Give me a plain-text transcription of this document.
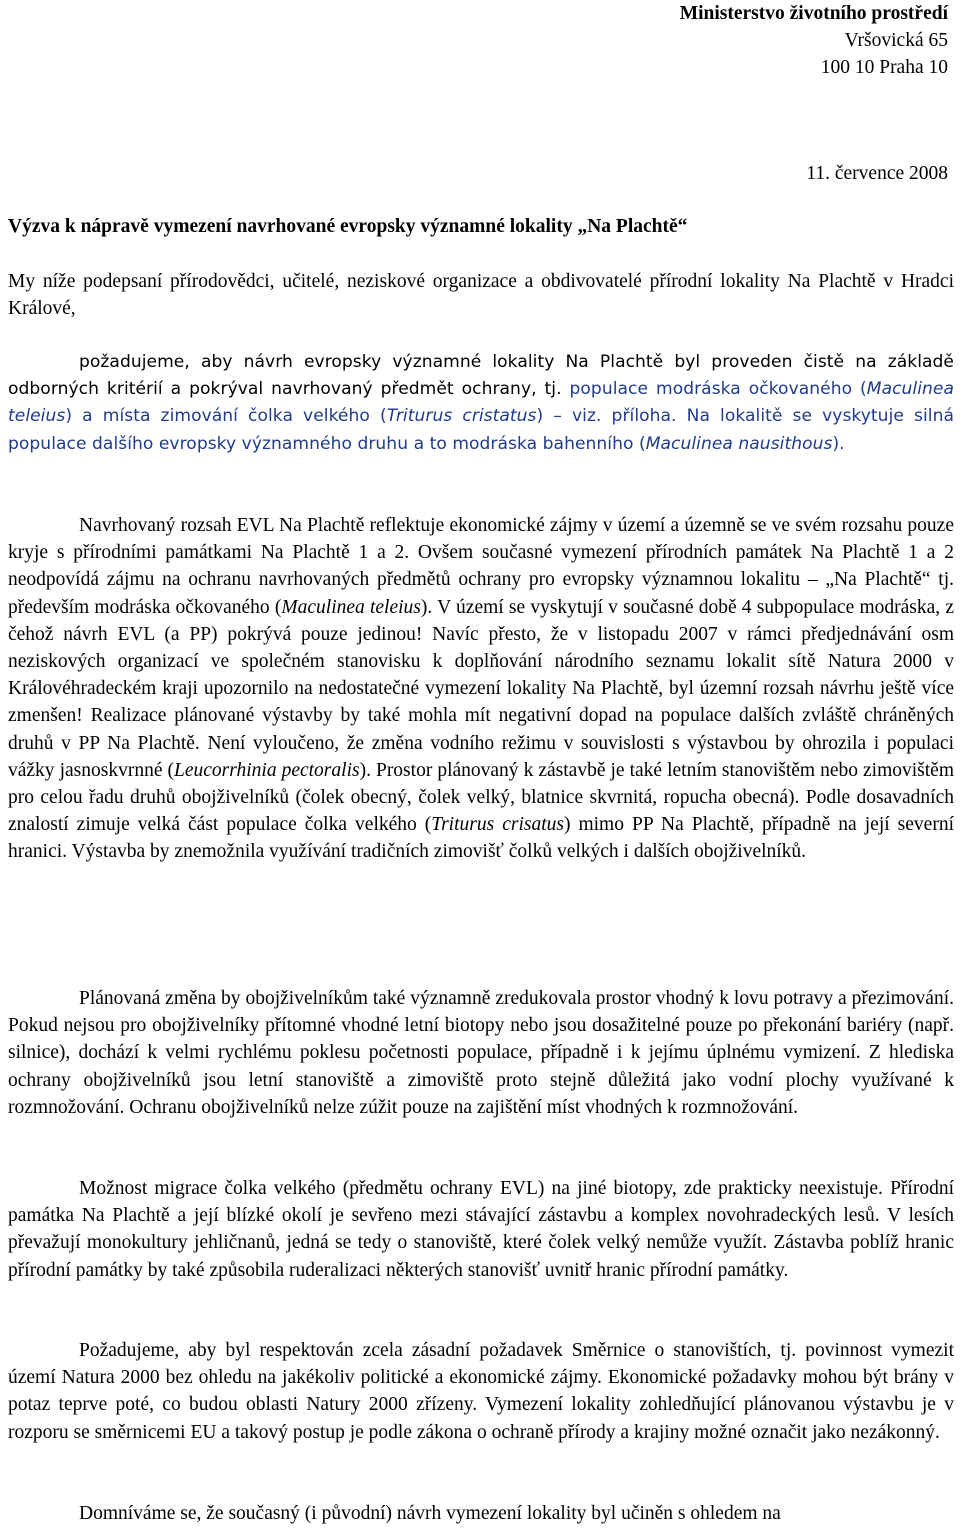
Ministerstvo životního prostředí
Vršovická 65
100 10 Praha 10
11. července 2008
Výzva k nápravě vymezení navrhované evropsky významné lokality „Na Plachtě“
My níže podepsaní přírodovědci, učitelé, neziskové organizace a obdivovatelé přírodní lokality Na Plachtě v Hradci Králové,
požadujeme, aby návrh evropsky významné lokality Na Plachtě byl proveden čistě na základě odborných kritérií a pokrýval navrhovaný předmět ochrany, tj. populace modráska očkovaného (Maculinea teleius) a místa zimování čolka velkého (Triturus cristatus) – viz. příloha. Na lokalitě se vyskytuje silná populace dalšího evropsky významného druhu a to modráska bahenního (Maculinea nausithous).
Navrhovaný rozsah EVL Na Plachtě reflektuje ekonomické zájmy v území a územně se ve svém rozsahu pouze kryje s přírodními památkami Na Plachtě 1 a 2. Ovšem současné vymezení přírodních památek Na Plachtě 1 a 2 neodpovídá zájmu na ochranu navrhovaných předmětů ochrany pro evropsky významnou lokalitu – „Na Plachtě“ tj. především modráska očkovaného (Maculinea teleius). V území se vyskytují v současné době 4 subpopulace modráska, z čehož návrh EVL (a PP) pokrývá pouze jedinou! Navíc přesto, že v listopadu 2007 v rámci předjednávání osm neziskových organizací ve společném stanovisku k doplňování národního seznamu lokalit sítě Natura 2000 v Královéhradeckém kraji upozornilo na nedostatečné vymezení lokality Na Plachtě, byl územní rozsah návrhu ještě více zmenšen! Realizace plánované výstavby by také mohla mít negativní dopad na populace dalších zvláště chráněných druhů v PP Na Plachtě. Není vyloučeno, že změna vodního režimu v souvislosti s výstavbou by ohrozila i populaci vážky jasnoskvrnné (Leucorrhinia pectoralis). Prostor plánovaný k zástavbě je také letním stanovištěm nebo zimovištěm pro celou řadu druhů obojživelníků (čolek obecný, čolek velký, blatnice skvrnitá, ropucha obecná). Podle dosavadních znalostí zimuje velká část populace čolka velkého (Triturus crisatus) mimo PP Na Plachtě, případně na její severní hranici. Výstavba by znemožnila využívání tradičních zimovišť čolků velkých i dalších obojživelníků.
Plánovaná změna by obojživelníkům také významně zredukovala prostor vhodný k lovu potravy a přezimování. Pokud nejsou pro obojživelníky přítomné vhodné letní biotopy nebo jsou dosažitelné pouze po překonání bariéry (např. silnice), dochází k velmi rychlému poklesu početnosti populace, případně i k jejímu úplnému vymizení. Z hlediska ochrany obojživelníků jsou letní stanoviště a zimoviště proto stejně důležitá jako vodní plochy využívané k rozmnožování. Ochranu obojživelníků nelze zúžit pouze na zajištění míst vhodných k rozmnožování.
Možnost migrace čolka velkého (předmětu ochrany EVL) na jiné biotopy, zde prakticky neexistuje. Přírodní památka Na Plachtě a její blízké okolí je sevřeno mezi stávající zástavbu a komplex novohradeckých lesů. V lesích převažují monokultury jehličnanů, jedná se tedy o stanoviště, které čolek velký nemůže využít. Zástavba poblíž hranic přírodní památky by také způsobila ruderalizaci některých stanovišť uvnitř hranic přírodní památky.
Požadujeme, aby byl respektován zcela zásadní požadavek Směrnice o stanovištích, tj. povinnost vymezit území Natura 2000 bez ohledu na jakékoliv politické a ekonomické zájmy. Ekonomické požadavky mohou být brány v potaz teprve poté, co budou oblasti Natury 2000 zřízeny. Vymezení lokality zohledňující plánovanou výstavbu je v rozporu se směrnicemi EU a takový postup je podle zákona o ochraně přírody a krajiny možné označit jako nezákonný.
Domníváme se, že současný (i původní) návrh vymezení lokality byl učiněn s ohledem na
